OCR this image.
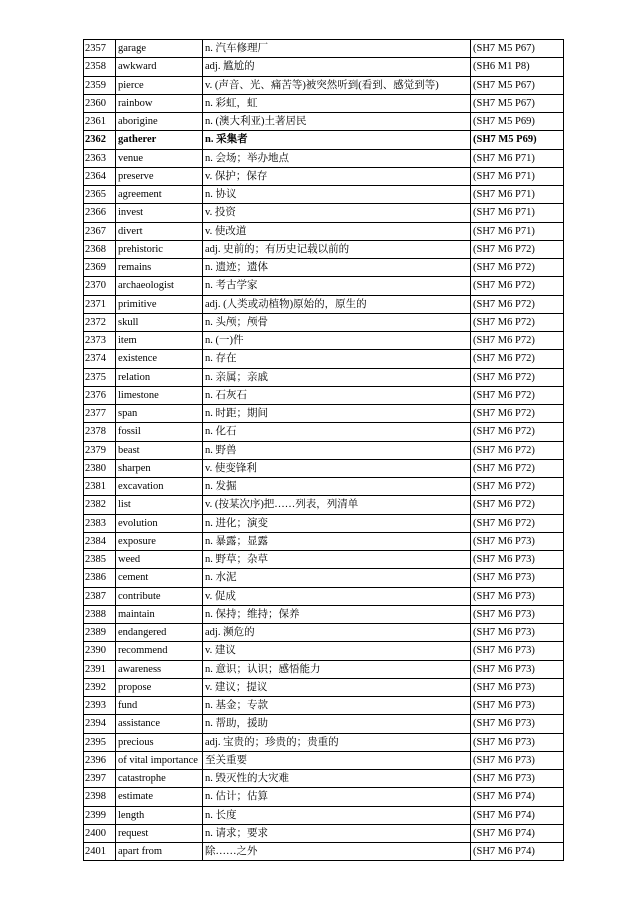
2357	garage	n. 汽车修理厂	(SH7 M5 P67)
2358	awkward	adj. 尴尬的	(SH6 M1 P8)
2359	pierce	v. (声音、光、痛苦等)被突然听到(看到、感觉到等)	(SH7 M5 P67)
2360	rainbow	n. 彩虹，虹	(SH7 M5 P67)
2361	aborigine	n. (澳大利亚)土著居民	(SH7 M5 P69)
2362	gatherer	n. 采集者	(SH7 M5 P69)
2363	venue	n. 会场；举办地点	(SH7 M6 P71)
2364	preserve	v. 保护；保存	(SH7 M6 P71)
2365	agreement	n. 协议	(SH7 M6 P71)
2366	invest	v. 投资	(SH7 M6 P71)
2367	divert	v. 使改道	(SH7 M6 P71)
2368	prehistoric	adj. 史前的；有历史记载以前的	(SH7 M6 P72)
2369	remains	n. 遗迹；遗体	(SH7 M6 P72)
2370	archaeologist	n. 考古学家	(SH7 M6 P72)
2371	primitive	adj. (人类或动植物)原始的，原生的	(SH7 M6 P72)
2372	skull	n. 头颅；颅骨	(SH7 M6 P72)
2373	item	n. (一)件	(SH7 M6 P72)
2374	existence	n. 存在	(SH7 M6 P72)
2375	relation	n. 亲属；亲戚	(SH7 M6 P72)
2376	limestone	n. 石灰石	(SH7 M6 P72)
2377	span	n. 时距；期间	(SH7 M6 P72)
2378	fossil	n. 化石	(SH7 M6 P72)
2379	beast	n. 野兽	(SH7 M6 P72)
2380	sharpen	v. 使变锋利	(SH7 M6 P72)
2381	excavation	n. 发掘	(SH7 M6 P72)
2382	list	v. (按某次序)把……列表，列清单	(SH7 M6 P72)
2383	evolution	n. 进化；演变	(SH7 M6 P72)
2384	exposure	n. 暴露；显露	(SH7 M6 P73)
2385	weed	n. 野草；杂草	(SH7 M6 P73)
2386	cement	n. 水泥	(SH7 M6 P73)
2387	contribute	v. 促成	(SH7 M6 P73)
2388	maintain	n. 保持；维持；保养	(SH7 M6 P73)
2389	endangered	adj. 濒危的	(SH7 M6 P73)
2390	recommend	v. 建议	(SH7 M6 P73)
2391	awareness	n. 意识；认识；感悟能力	(SH7 M6 P73)
2392	propose	v. 建议；提议	(SH7 M6 P73)
2393	fund	n. 基金；专款	(SH7 M6 P73)
2394	assistance	n. 帮助，援助	(SH7 M6 P73)
2395	precious	adj. 宝贵的；珍贵的；贵重的	(SH7 M6 P73)
2396	of vital importance	至关重要	(SH7 M6 P73)
2397	catastrophe	n. 毁灭性的大灾难	(SH7 M6 P73)
2398	estimate	n. 估计；估算	(SH7 M6 P74)
2399	length	n. 长度	(SH7 M6 P74)
2400	request	n. 请求；要求	(SH7 M6 P74)
2401	apart from	除……之外	(SH7 M6 P74)
